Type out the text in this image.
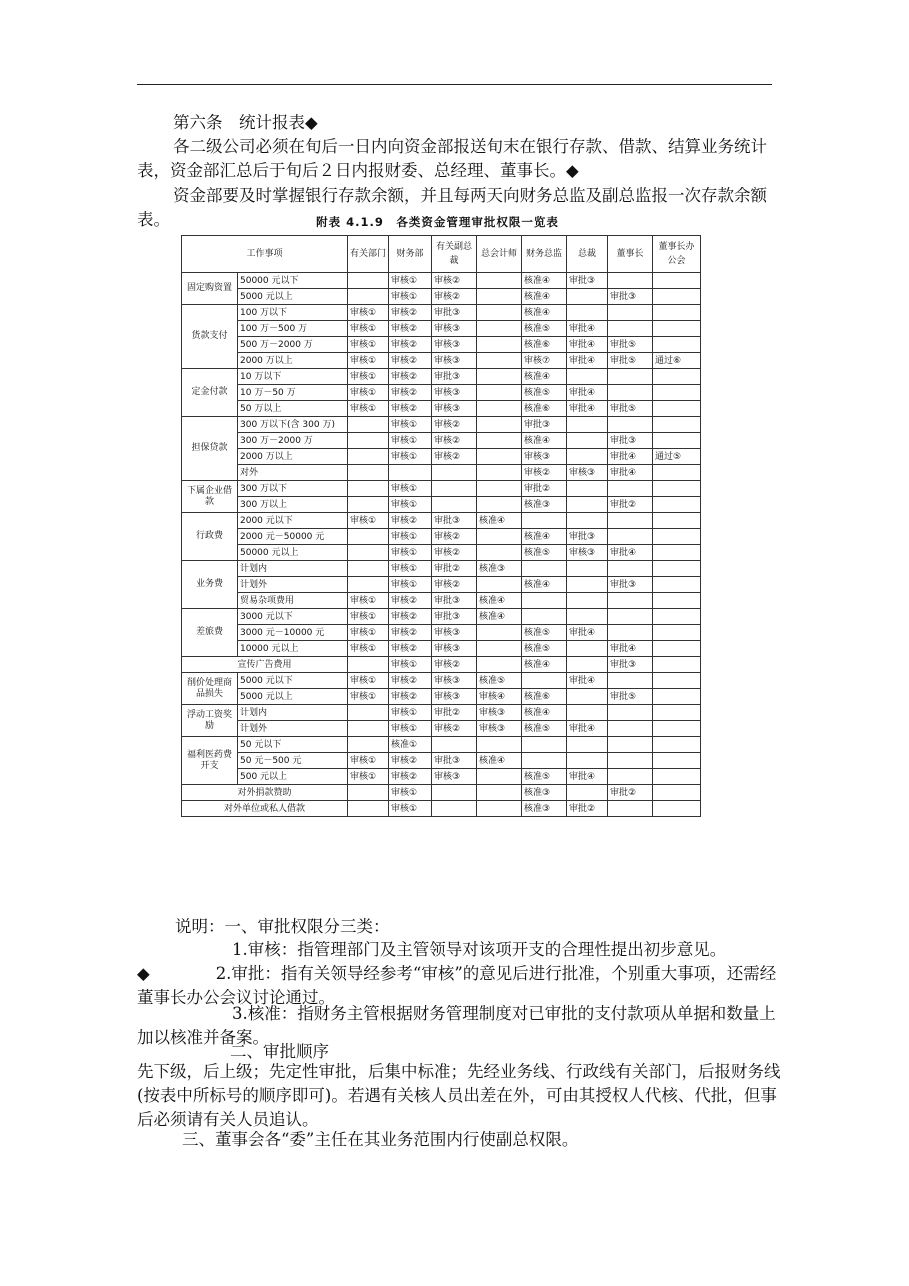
第六条　统计报表◆

各二级公司必须在旬后一日内向资金部报送旬末在银行存款、借款、结算业务统计表，资金部汇总后于旬后２日内报财委、总经理、董事长。◆

资金部要及时掌握银行存款余额，并且每两天向财务总监及副总监报一次存款余额表。	附表 4.1.9　各类资金管理审批权限一览表
工作事项		有关部门	财务部	有关副总裁	总会计师	财务总监	总裁	董事长	董事长办公会
固定购资置	50000 元以下		审核①	审核②		核准④	审批③		
	5000 元以上		审核①	审核②		核准④		审批③	
货款支付	100 万以下	审核①	审核②	审批③		核准④			
	100 万－500 万	审核①	审核②	审核③		核准⑤	审批④		
	500 万－2000 万	审核①	审核②	审核③		核准⑥	审批④	审批⑤	
	2000 万以上	审核①	审核②	审核③		审核⑦	审批④	审批⑤	通过⑥
定金付款	10 万以下	审核①	审核②	审批③		核准④			
	10 万－50 万	审核①	审核②	审核③		核准⑤	审批④		
	50 万以上	审核①	审核②	审核③		核准⑥	审批④	审批⑤	
担保贷款	300 万以下(含 300 万)		审核①	审核②		审批③			
	300 万－2000 万		审核①	审核②		核准④		审批③	
	2000 万以上		审核①	审核②		审核③		审批④	通过⑤
	对外					审核②	审核③	审批④	
下属企业借款	300 万以下		审核①			审批②			
	300 万以上		审核①			核准③		审批②	
行政费	2000 元以下	审核①	审核②	审批③	核准④				
	2000 元－50000 元		审核①	审核②		核准④	审批③		
	50000 元以上		审核①	审核②		核准⑤	审核③	审批④	
业务费	计划内		审核①	审批②	核准③				
	计划外		审核①	审核②		核准④		审批③	
	贸易杂项费用	审核①	审核②	审批③	核准④				
差旅费	3000 元以下	审核①	审核②	审批③	核准④				
	3000 元－10000 元	审核①	审核②	审核③		核准⑤	审批④		
	10000 元以上	审核①	审核②	审核③		核准⑤		审批④	
宣传广告费用			审核①	审核②		核准④		审批③	
削价处理商品损失	5000 元以下	审核①	审核②	审核③	核准⑤		审批④		
	5000 元以上	审核①	审核②	审核③	审核④	核准⑥		审批⑤	
浮动工资奖励	计划内		审核①	审批②	审核③	核准④			
	计划外		审核①	审核②	审核③	核准⑤	审批④		
福利医药费开支	50 元以下		核准①						
	50 元－500 元	审核①	审核②	审批③	核准④				
	500 元以上	审核①	审核②	审核③		核准⑤	审批④		
对外捐款赞助			审核①			核准③		审批②	
对外单位或私人借款			审核①			核准③	审批②		

说明：一、审批权限分三类：

1.审核：指管理部门及主管领导对该项开支的合理性提出初步意见。

◆　　　　2.审批：指有关领导经参考“审核”的意见后进行批准，个别重大事项，还需经董事长办公会议讨论通过。

3.核准：指财务主管根据财务管理制度对已审批的支付款项从单据和数量上加以核准并备案。

二、审批顺序

先下级，后上级；先定性审批，后集中标准；先经业务线、行政线有关部门，后报财务线(按表中所标号的顺序即可)。若遇有关核人员出差在外，可由其授权人代核、代批，但事后必须请有关人员追认。

三、董事会各“委”主任在其业务范围内行使副总权限。
